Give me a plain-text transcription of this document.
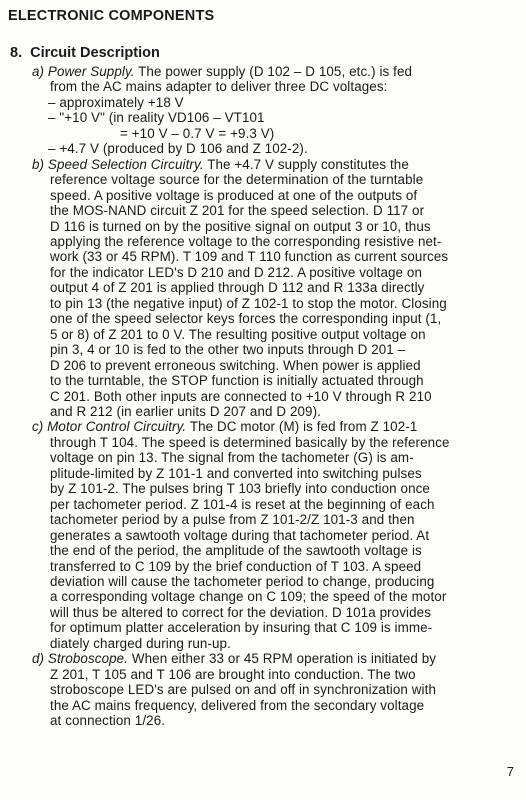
ELECTRONIC COMPONENTS
8. Circuit Description
a) Power Supply. The power supply (D 102 – D 105, etc.) is fed
from the AC mains adapter to deliver three DC voltages:
– approximately +18 V
– "+10 V" (in reality VD106 – VT101
= +10 V – 0.7 V = +9.3 V)
– +4.7 V (produced by D 106 and Z 102-2).
b) Speed Selection Circuitry. The +4.7 V supply constitutes the
reference voltage source for the determination of the turntable
speed. A positive voltage is produced at one of the outputs of
the MOS-NAND circuit Z 201 for the speed selection. D 117 or
D 116 is turned on by the positive signal on output 3 or 10, thus
applying the reference voltage to the corresponding resistive net-
work (33 or 45 RPM). T 109 and T 110 function as current sources
for the indicator LED's D 210 and D 212. A positive voltage on
output 4 of Z 201 is applied through D 112 and R 133a directly
to pin 13 (the negative input) of Z 102-1 to stop the motor. Closing
one of the speed selector keys forces the corresponding input (1,
5 or 8) of Z 201 to 0 V. The resulting positive output voltage on
pin 3, 4 or 10 is fed to the other two inputs through D 201 –
D 206 to prevent erroneous switching. When power is applied
to the turntable, the STOP function is initially actuated through
C 201. Both other inputs are connected to +10 V through R 210
and R 212 (in earlier units D 207 and D 209).
c) Motor Control Circuitry. The DC motor (M) is fed from Z 102-1
through T 104. The speed is determined basically by the reference
voltage on pin 13. The signal from the tachometer (G) is am-
plitude-limited by Z 101-1 and converted into switching pulses
by Z 101-2. The pulses bring T 103 briefly into conduction once
per tachometer period. Z 101-4 is reset at the beginning of each
tachometer period by a pulse from Z 101-2/Z 101-3 and then
generates a sawtooth voltage during that tachometer period. At
the end of the period, the amplitude of the sawtooth voltage is
transferred to C 109 by the brief conduction of T 103. A speed
deviation will cause the tachometer period to change, producing
a corresponding voltage change on C 109; the speed of the motor
will thus be altered to correct for the deviation. D 101a provides
for optimum platter acceleration by insuring that C 109 is imme-
diately charged during run-up.
d) Stroboscope. When either 33 or 45 RPM operation is initiated by
Z 201, T 105 and T 106 are brought into conduction. The two
stroboscope LED's are pulsed on and off in synchronization with
the AC mains frequency, delivered from the secondary voltage
at connection 1/26.
7
